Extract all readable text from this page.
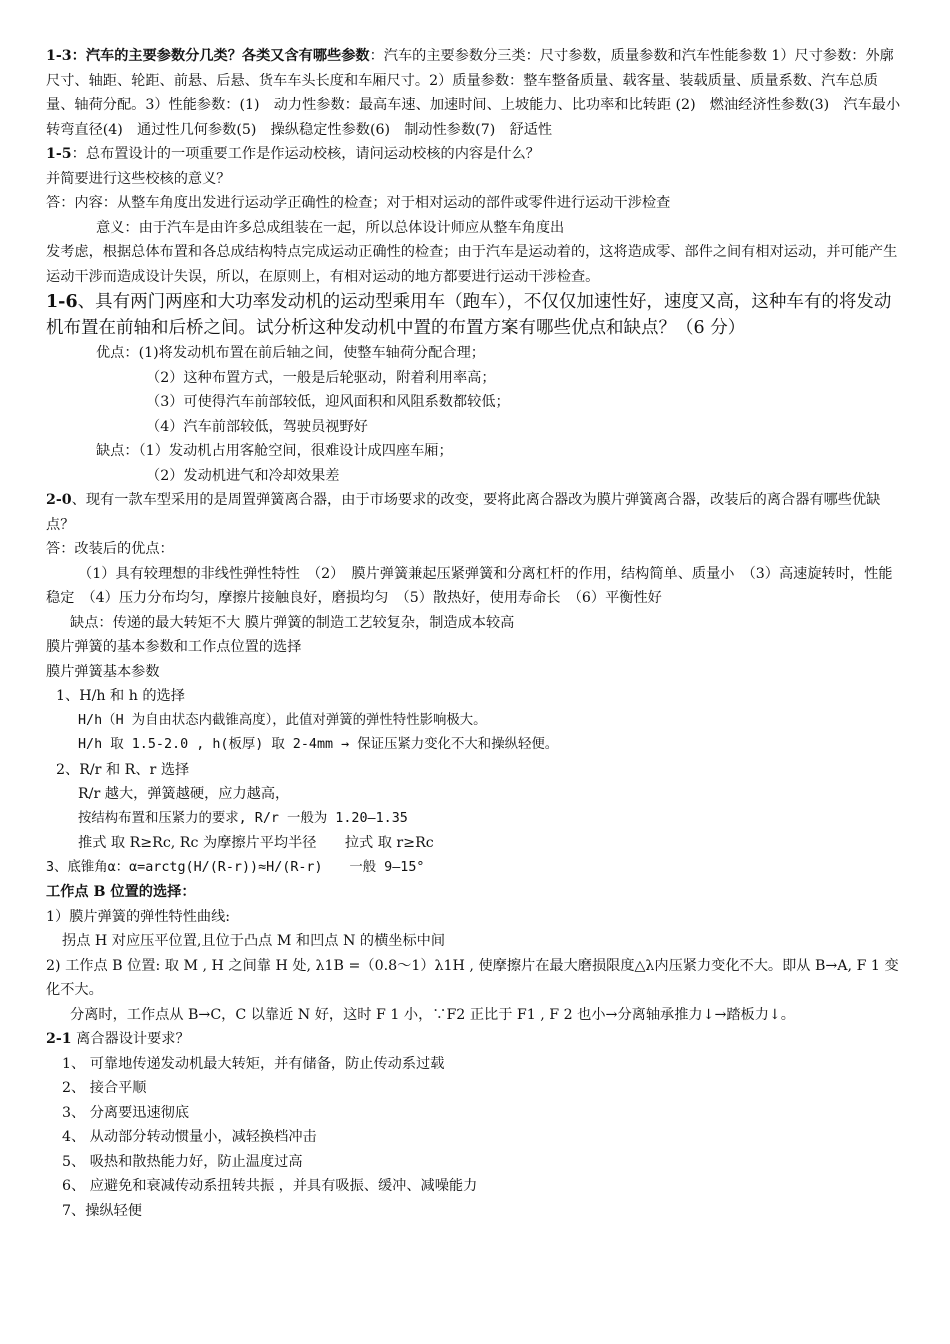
1-3：汽车的主要参数分几类？各类又含有哪些参数：汽车的主要参数分三类：尺寸参数，质量参数和汽车性能参数 1）尺寸参数：外廓尺寸、轴距、轮距、前悬、后悬、货车车头长度和车厢尺寸。2）质量参数：整车整备质量、载客量、装载质量、质量系数、汽车总质量、轴荷分配。3）性能参数：(1)　动力性参数：最高车速、加速时间、上坡能力、比功率和比转距 (2)　燃油经济性参数(3)　汽车最小转弯直径(4)　通过性几何参数(5)　操纵稳定性参数(6)　制动性参数(7)　舒适性

1-5：总布置设计的一项重要工作是作运动校核，请问运动校核的内容是什么？

并简要进行这些校核的意义？

答：内容：从整车角度出发进行运动学正确性的检查；对于相对运动的部件或零件进行运动干涉检查

意义：由于汽车是由许多总成组装在一起，所以总体设计师应从整车角度出

发考虑，根据总体布置和各总成结构特点完成运动正确性的检查；由于汽车是运动着的，这将造成零、部件之间有相对运动，并可能产生运动干涉而造成设计失误，所以，在原则上，有相对运动的地方都要进行运动干涉检查。

1-6、具有两门两座和大功率发动机的运动型乘用车（跑车），不仅仅加速性好，速度又高，这种车有的将发动机布置在前轴和后桥之间。试分析这种发动机中置的布置方案有哪些优点和缺点？（6 分）

优点：(1)将发动机布置在前后轴之间，使整车轴荷分配合理；

（2）这种布置方式，一般是后轮驱动，附着利用率高；

（3）可使得汽车前部较低，迎风面积和风阻系数都较低；

（4）汽车前部较低，驾驶员视野好

缺点：（1）发动机占用客舱空间，很难设计成四座车厢；

（2）发动机进气和冷却效果差

2-0、现有一款车型采用的是周置弹簧离合器，由于市场要求的改变，要将此离合器改为膜片弹簧离合器，改装后的离合器有哪些优缺点？

答：改装后的优点：

（1）具有较理想的非线性弹性特性　（2）　膜片弹簧兼起压紧弹簧和分离杠杆的作用，结构简单、质量小　（3）高速旋转时，性能稳定　（4）压力分布均匀，摩擦片接触良好，磨损均匀　（5）散热好，使用寿命长　（6）平衡性好

缺点：传递的最大转矩不大 膜片弹簧的制造工艺较复杂，制造成本较高

膜片弹簧的基本参数和工作点位置的选择

膜片弹簧基本参数

1、H/h 和 h 的选择

H/h（H 为自由状态内截锥高度），此值对弹簧的弹性特性影响极大。

H/h 取 1.5-2.0 , h(板厚) 取 2-4mm → 保证压紧力变化不大和操纵轻便。

2、R/r 和 R、r 选择

R/r 越大，弹簧越硬，应力越高，

按结构布置和压紧力的要求, R/r 一般为 1.20—1.35

推式 取 R≥Rc, Rc 为摩擦片平均半径　　拉式 取 r≥Rc

3、底锥角α：α=arctg(H/(R-r))≈H/(R-r)　　一般 9—15°

工作点 B 位置的选择：

1）膜片弹簧的弹性特性曲线:

拐点 H 对应压平位置,且位于凸点 M 和凹点 N 的横坐标中间

2) 工作点 B 位置: 取 M , H 之间靠 H 处, λ1B =（0.8～1）λ1H , 使摩擦片在最大磨损限度△λ内压紧力变化不大。即从 B→A, F 1 变化不大。

分离时，工作点从 B→C，C 以靠近 N 好，这时 F 1 小，∵F2 正比于 F1 , F 2 也小→分离轴承推力↓→踏板力↓。

2-1 离合器设计要求？

1、 可靠地传递发动机最大转矩，并有储备，防止传动系过载

2、 接合平顺

3、 分离要迅速彻底

4、 从动部分转动惯量小，减轻换档冲击

5、 吸热和散热能力好，防止温度过高

6、 应避免和衰减传动系扭转共振 ，并具有吸振、缓冲、减噪能力

7、操纵轻便
